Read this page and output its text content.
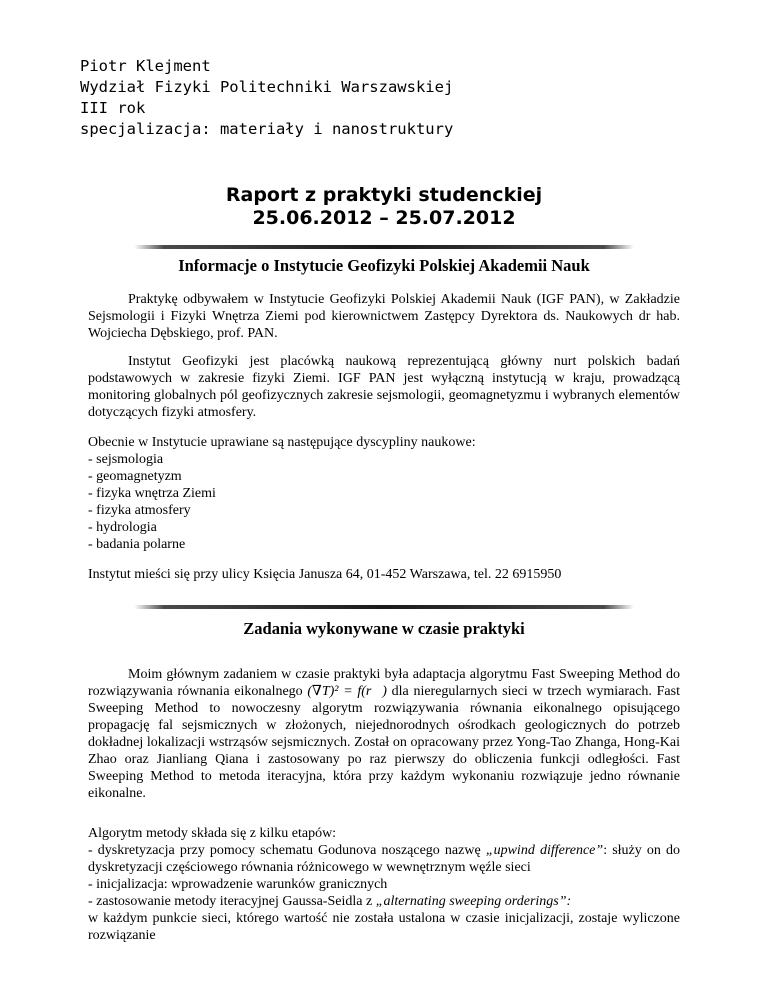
Piotr Klejment
Wydział Fizyki Politechniki Warszawskiej
III rok
specjalizacja: materiały i nanostruktury
Raport z praktyki studenckiej
25.06.2012 – 25.07.2012
Informacje o Instytucie Geofizyki Polskiej Akademii Nauk
Praktykę odbywałem w Instytucie Geofizyki Polskiej Akademii Nauk (IGF PAN), w Zakładzie Sejsmologii i Fizyki Wnętrza Ziemi pod kierownictwem Zastępcy Dyrektora ds. Naukowych dr hab. Wojciecha Dębskiego, prof. PAN.
Instytut Geofizyki jest placówką naukową reprezentującą główny nurt polskich badań podstawowych w zakresie fizyki Ziemi. IGF PAN jest wyłączną instytucją w kraju, prowadzącą monitoring globalnych pól geofizycznych zakresie sejsmologii, geomagnetyzmu i wybranych elementów dotyczących fizyki atmosfery.
Obecnie w Instytucie uprawiane są następujące dyscypliny naukowe:
- sejsmologia
- geomagnetyzm
- fizyka wnętrza Ziemi
- fizyka atmosfery
- hydrologia
- badania polarne
Instytut mieści się przy ulicy Księcia Janusza 64, 01-452 Warszawa, tel. 22 6915950
Zadania wykonywane w czasie praktyki
Moim głównym zadaniem w czasie praktyki była adaptacja algorytmu Fast Sweeping Method do rozwiązywania równania eikonalnego (∇T)² = f(r⃗) dla nieregularnych sieci w trzech wymiarach. Fast Sweeping Method to nowoczesny algorytm rozwiązywania równania eikonalnego opisującego propagację fal sejsmicznych w złożonych, niejednorodnych ośrodkach geologicznych do potrzeb dokładnej lokalizacji wstrząsów sejsmicznych. Został on opracowany przez Yong-Tao Zhanga, Hong-Kai Zhao oraz Jianliang Qiana i zastosowany po raz pierwszy do obliczenia funkcji odległości. Fast Sweeping Method to metoda iteracyjna, która przy każdym wykonaniu rozwiązuje jedno równanie eikonalne.
Algorytm metody składa się z kilku etapów:
- dyskretyzacja przy pomocy schematu Godunova noszącego nazwę „upwind difference”: służy on do dyskretyzacji częściowego równania różnicowego w wewnętrznym węźle sieci
- inicjalizacja: wprowadzenie warunków granicznych
- zastosowanie metody iteracyjnej Gaussa-Seidla z „alternating sweeping orderings”:
w każdym punkcie sieci, którego wartość nie została ustalona w czasie inicjalizacji, zostaje wyliczone rozwiązanie
